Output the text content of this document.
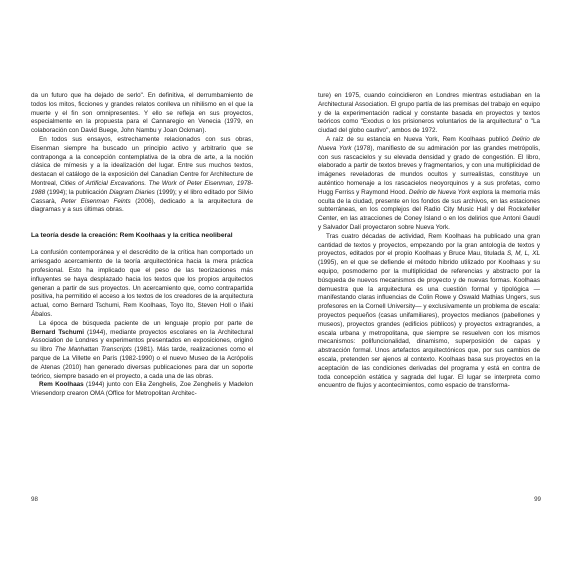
da un futuro que ha dejado de serlo". En definitiva, el derrumbamiento de todos los mitos, ficciones y grandes relatos conlleva un nihilismo en el que la muerte y el fin son omnipresentes. Y ello se refleja en sus proyectos, especialmente en la propuesta para el Cannaregio en Venecia (1979, en colaboración con David Buege, John Nambu y Joan Ockman).

En todos sus ensayos, estrechamente relacionados con sus obras, Eisenman siempre ha buscado un principio activo y arbitrario que se contraponga a la concepción contemplativa de la obra de arte, a la noción clásica de mímesis y a la idealización del lugar. Entre sus muchos textos, destacan el catálogo de la exposición del Canadian Centre for Architecture de Montreal, Cities of Artificial Excavations. The Work of Peter Eisenman, 1978-1988 (1994); la publicación Diagram Diaries (1999); y el libro editado por Silvio Cassarà, Peter Eisenman Feints (2006), dedicado a la arquitectura de diagramas y a sus últimas obras.

La teoría desde la creación: Rem Koolhaas y la crítica neoliberal

La confusión contemporánea y el descrédito de la crítica han comportado un arriesgado acercamiento de la teoría arquitectónica hacia la mera práctica profesional. Esto ha implicado que el peso de las teorizaciones más influyentes se haya desplazado hacia los textos que los propios arquitectos generan a partir de sus proyectos. Un acercamiento que, como contrapartida positiva, ha permitido el acceso a los textos de los creadores de la arquitectura actual, como Bernard Tschumi, Rem Koolhaas, Toyo Ito, Steven Holl o Iñaki Ábalos.

La época de búsqueda paciente de un lenguaje propio por parte de Bernard Tschumi (1944), mediante proyectos escolares en la Architectural Association de Londres y experimentos presentados en exposiciones, originó su libro The Manhattan Transcripts (1981). Más tarde, realizaciones como el parque de La Villette en París (1982-1990) o el nuevo Museo de la Acrópolis de Atenas (2010) han generado diversas publicaciones para dar un soporte teórico, siempre basado en el proyecto, a cada una de las obras.

Rem Koolhaas (1944) junto con Elia Zenghelis, Zoe Zenghelis y Madelon Vriesendorp crearon OMA (Office for Metropolitan Architec-

98

ture) en 1975, cuando coincidieron en Londres mientras estudiaban en la Architectural Association. El grupo partía de las premisas del trabajo en equipo y de la experimentación radical y constante basada en proyectos y textos teóricos como "Exodus o los prisioneros voluntarios de la arquitectura" o "La ciudad del globo cautivo", ambos de 1972.

A raíz de su estancia en Nueva York, Rem Koolhaas publicó Delirio de Nueva York (1978), manifiesto de su admiración por las grandes metrópolis, con sus rascacielos y su elevada densidad y grado de congestión. El libro, elaborado a partir de textos breves y fragmentarios, y con una multiplicidad de imágenes reveladoras de mundos ocultos y surrealistas, constituye un auténtico homenaje a los rascacielos neoyorquinos y a sus profetas, como Hugg Ferriss y Raymond Hood. Delirio de Nueva York explora la memoria más oculta de la ciudad, presente en los fondos de sus archivos, en las estaciones subterráneas, en los complejos del Radio City Music Hall y del Rockefeller Center, en las atracciones de Coney Island o en los delirios que Antoni Gaudí y Salvador Dalí proyectaron sobre Nueva York.

Tras cuatro décadas de actividad, Rem Koolhaas ha publicado una gran cantidad de textos y proyectos, empezando por la gran antología de textos y proyectos, editados por el propio Koolhaas y Bruce Mau, titulada S, M, L, XL (1995), en el que se defiende el método híbrido utilizado por Koolhaas y su equipo, posmoderno por la multiplicidad de referencias y abstracto por la búsqueda de nuevos mecanismos de proyecto y de nuevas formas. Koolhaas demuestra que la arquitectura es una cuestión formal y tipológica —manifestando claras influencias de Colin Rowe y Oswald Mathias Ungers, sus profesores en la Cornell University— y exclusivamente un problema de escala: proyectos pequeños (casas unifamiliares), proyectos medianos (pabellones y museos), proyectos grandes (edificios públicos) y proyectos extragrandes, a escala urbana y metropolitana, que siempre se resuelven con los mismos mecanismos: polifuncionalidad, dinamismo, superposición de capas y abstracción formal. Unos artefactos arquitectónicos que, por sus cambios de escala, pretenden ser ajenos al contexto. Koolhaas basa sus proyectos en la aceptación de las condiciones derivadas del programa y está en contra de toda concepción estática y sagrada del lugar. El lugar se interpreta como encuentro de flujos y acontecimientos, como espacio de transforma-

99
